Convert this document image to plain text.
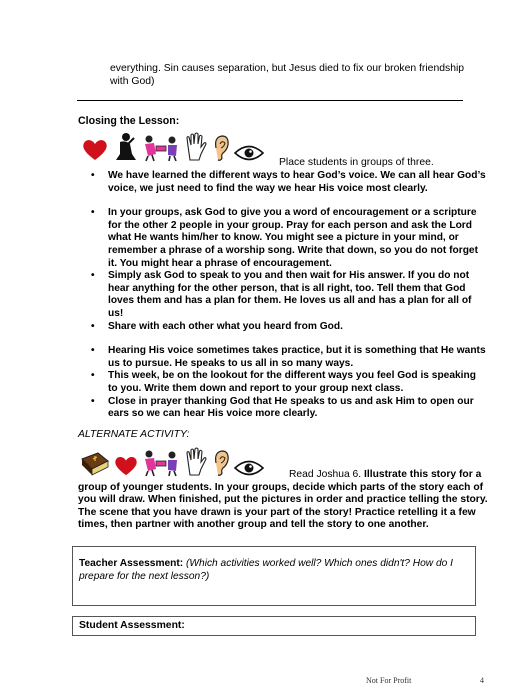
everything. Sin causes separation, but Jesus died to fix our broken friendship with God)
Closing the Lesson:
Place students in groups of three.

• We have learned the different ways to hear God’s voice. We can all hear God’s voice, we just need to find the way we hear His voice most clearly.

• In your groups, ask God to give you a word of encouragement or a scripture for the other 2 people in your group. Pray for each person and ask the Lord what He wants him/her to know. You might see a picture in your mind, or remember a phrase of a worship song. Write that down, so you do not forget it. You might hear a phrase of encouragement.

• Simply ask God to speak to you and then wait for His answer. If you do not hear anything for the other person, that is all right, too. Tell them that God loves them and has a plan for them. He loves us all and has a plan for all of us!

• Share with each other what you heard from God.

• Hearing His voice sometimes takes practice, but it is something that He wants us to pursue. He speaks to us all in so many ways.

• This week, be on the lookout for the different ways you feel God is speaking to you. Write them down and report to your group next class.

• Close in prayer thanking God that He speaks to us and ask Him to open our ears so we can hear His voice more clearly.

ALTERNATE ACTIVITY:
Read Joshua 6. Illustrate this story for a
group of younger students. In your groups, decide which parts of the story each of you will draw. When finished, put the pictures in order and practice telling the story. The scene that you have drawn is your part of the story! Practice retelling it a few times, then partner with another group and tell the story to one another.
Teacher Assessment: (Which activities worked well? Which ones didn't? How do I prepare for the next lesson?)
Student Assessment:
Not For Profit	4
